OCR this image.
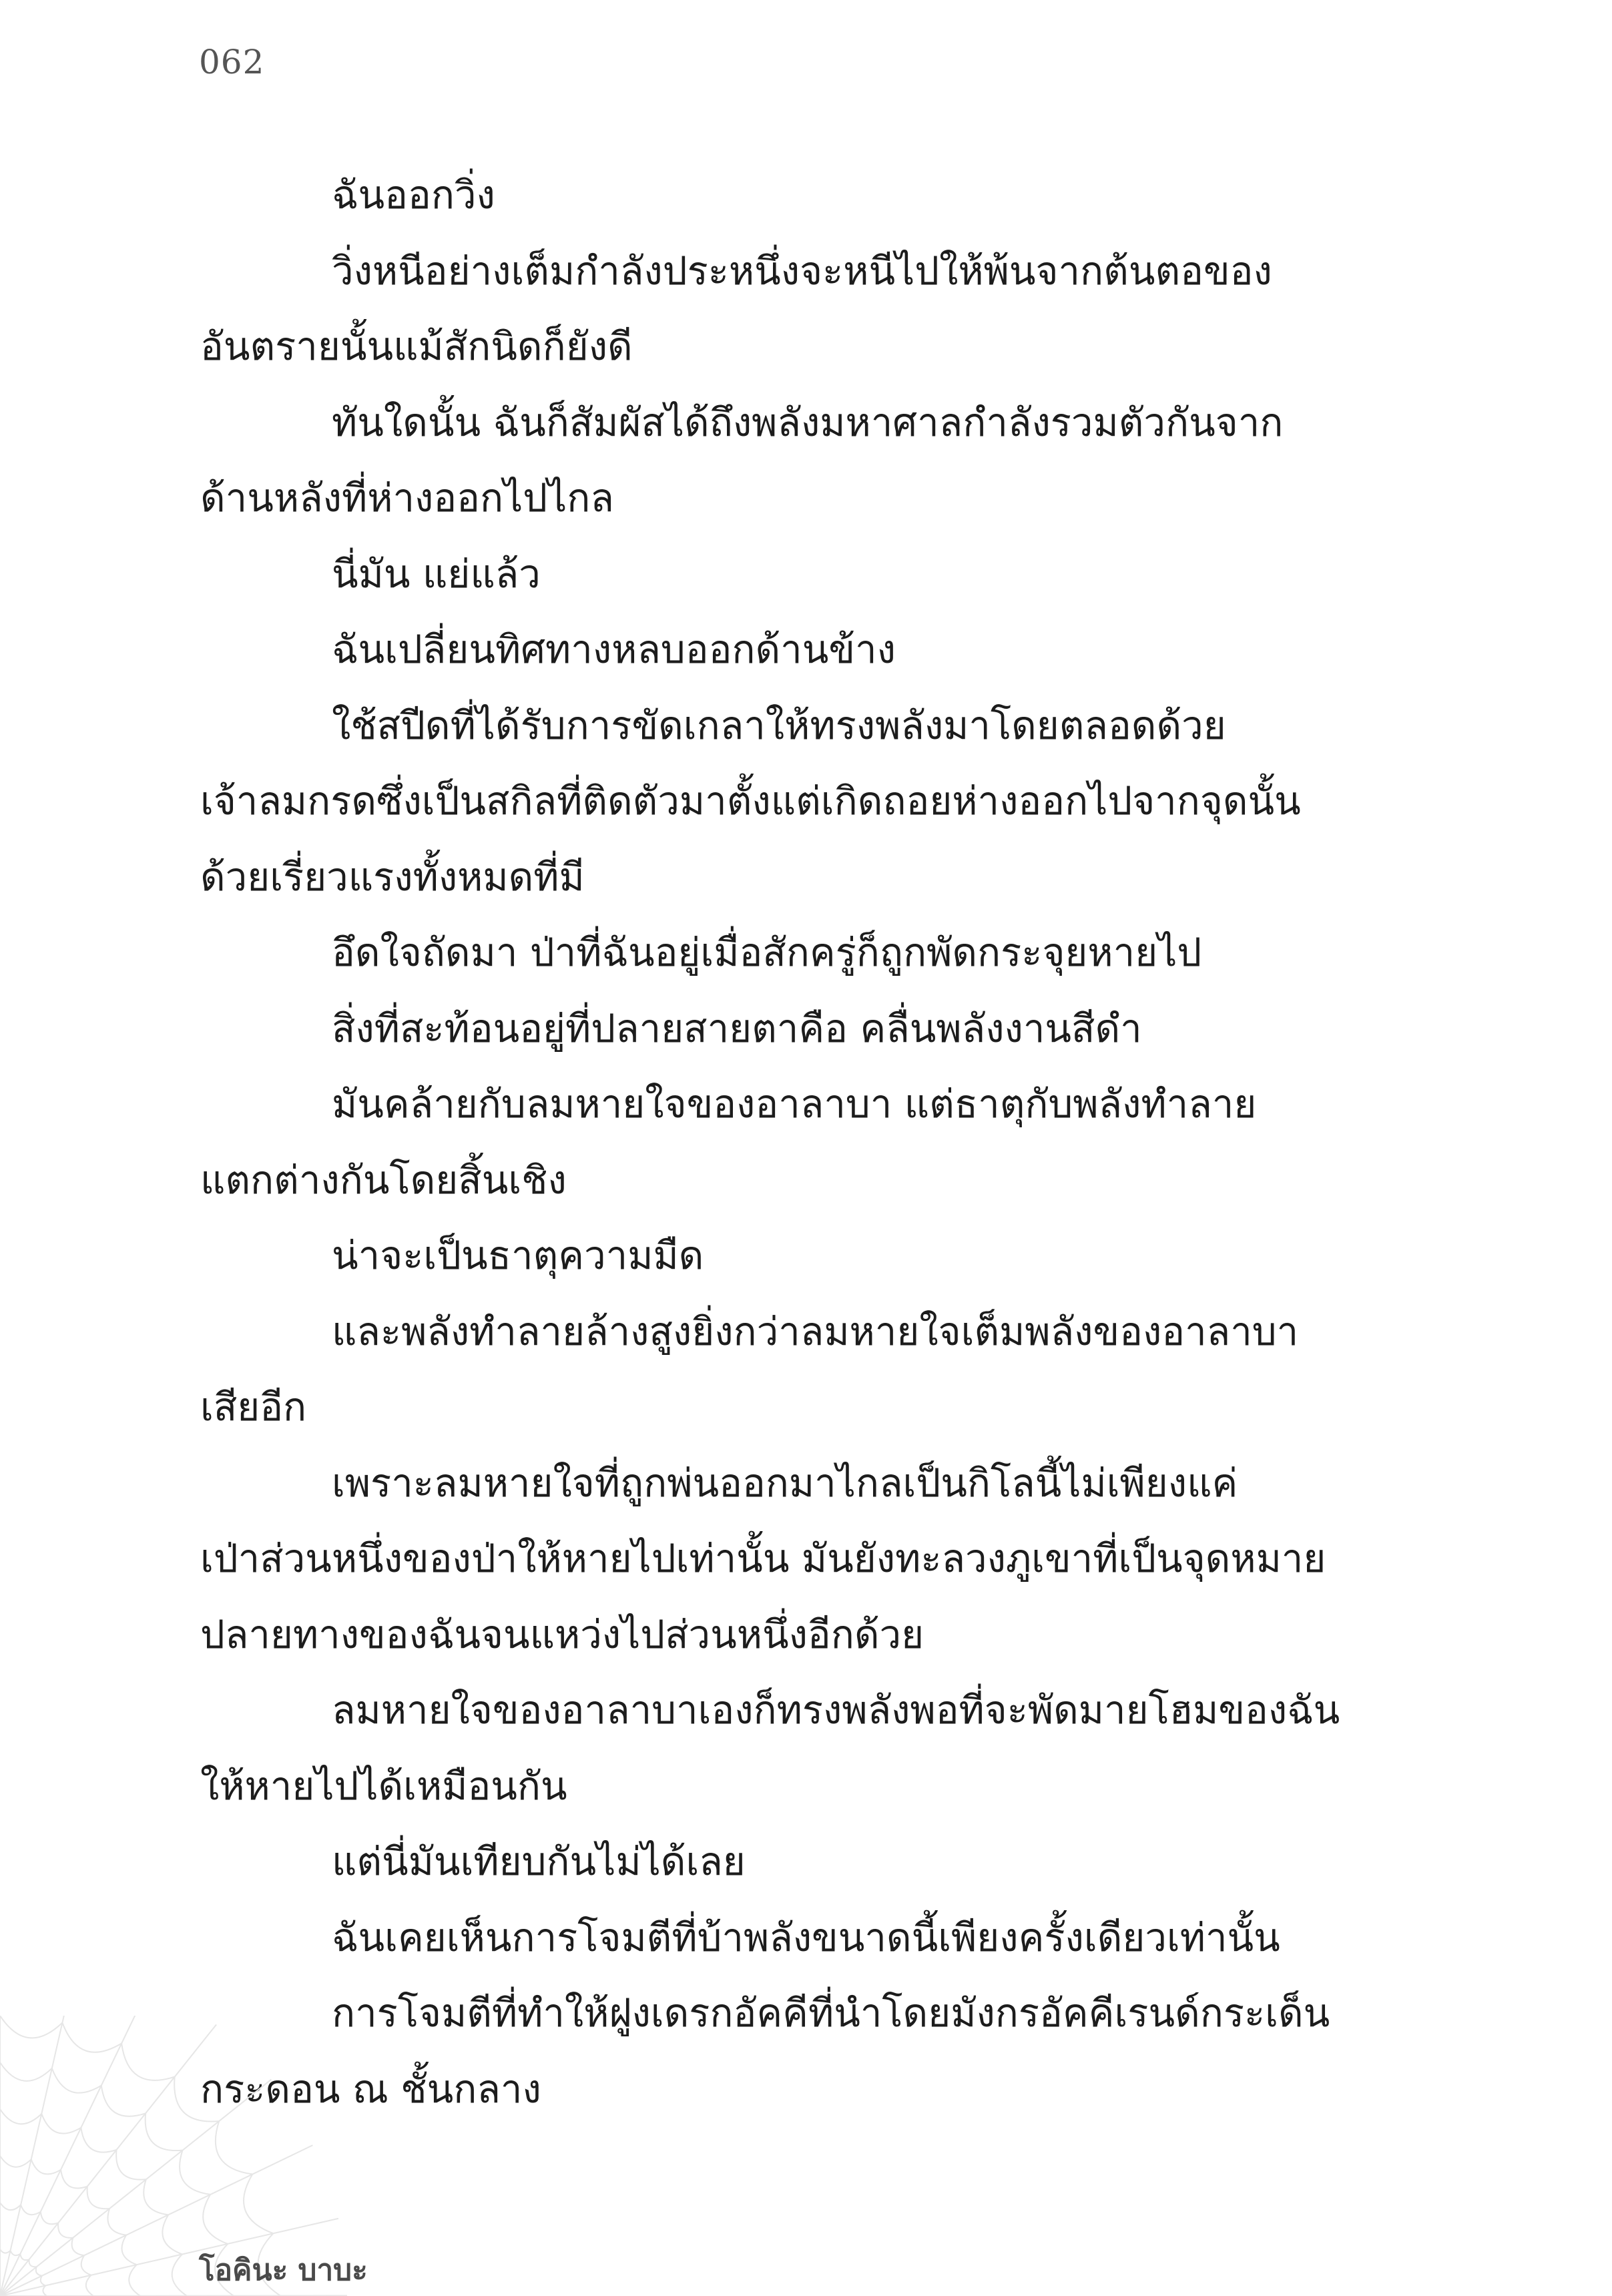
062
ฉันออกวิ่ง
วิ่งหนีอย่างเต็มกำลังประหนึ่งจะหนีไปให้พ้นจากต้นตอของ
อันตรายนั้นแม้สักนิดก็ยังดี
ทันใดนั้น ฉันก็สัมผัสได้ถึงพลังมหาศาลกำลังรวมตัวกันจาก
ด้านหลังที่ห่างออกไปไกล
นี่มัน แย่แล้ว
ฉันเปลี่ยนทิศทางหลบออกด้านข้าง
ใช้สปีดที่ได้รับการขัดเกลาให้ทรงพลังมาโดยตลอดด้วย
เจ้าลมกรดซึ่งเป็นสกิลที่ติดตัวมาตั้งแต่เกิดถอยห่างออกไปจากจุดนั้น
ด้วยเรี่ยวแรงทั้งหมดที่มี
อึดใจถัดมา ป่าที่ฉันอยู่เมื่อสักครู่ก็ถูกพัดกระจุยหายไป
สิ่งที่สะท้อนอยู่ที่ปลายสายตาคือ คลื่นพลังงานสีดำ
มันคล้ายกับลมหายใจของอาลาบา แต่ธาตุกับพลังทำลาย
แตกต่างกันโดยสิ้นเชิง
น่าจะเป็นธาตุความมืด
และพลังทำลายล้างสูงยิ่งกว่าลมหายใจเต็มพลังของอาลาบา
เสียอีก
เพราะลมหายใจที่ถูกพ่นออกมาไกลเป็นกิโลนี้ไม่เพียงแค่
เป่าส่วนหนึ่งของป่าให้หายไปเท่านั้น มันยังทะลวงภูเขาที่เป็นจุดหมาย
ปลายทางของฉันจนแหว่งไปส่วนหนึ่งอีกด้วย
ลมหายใจของอาลาบาเองก็ทรงพลังพอที่จะพัดมายโฮมของฉัน
ให้หายไปได้เหมือนกัน
แต่นี่มันเทียบกันไม่ได้เลย
ฉันเคยเห็นการโจมตีที่บ้าพลังขนาดนี้เพียงครั้งเดียวเท่านั้น
การโจมตีที่ทำให้ฝูงเดรกอัคคีที่นำโดยมังกรอัคคีเรนด์กระเด็น
กระดอน ณ ชั้นกลาง
โอคินะ บาบะ
